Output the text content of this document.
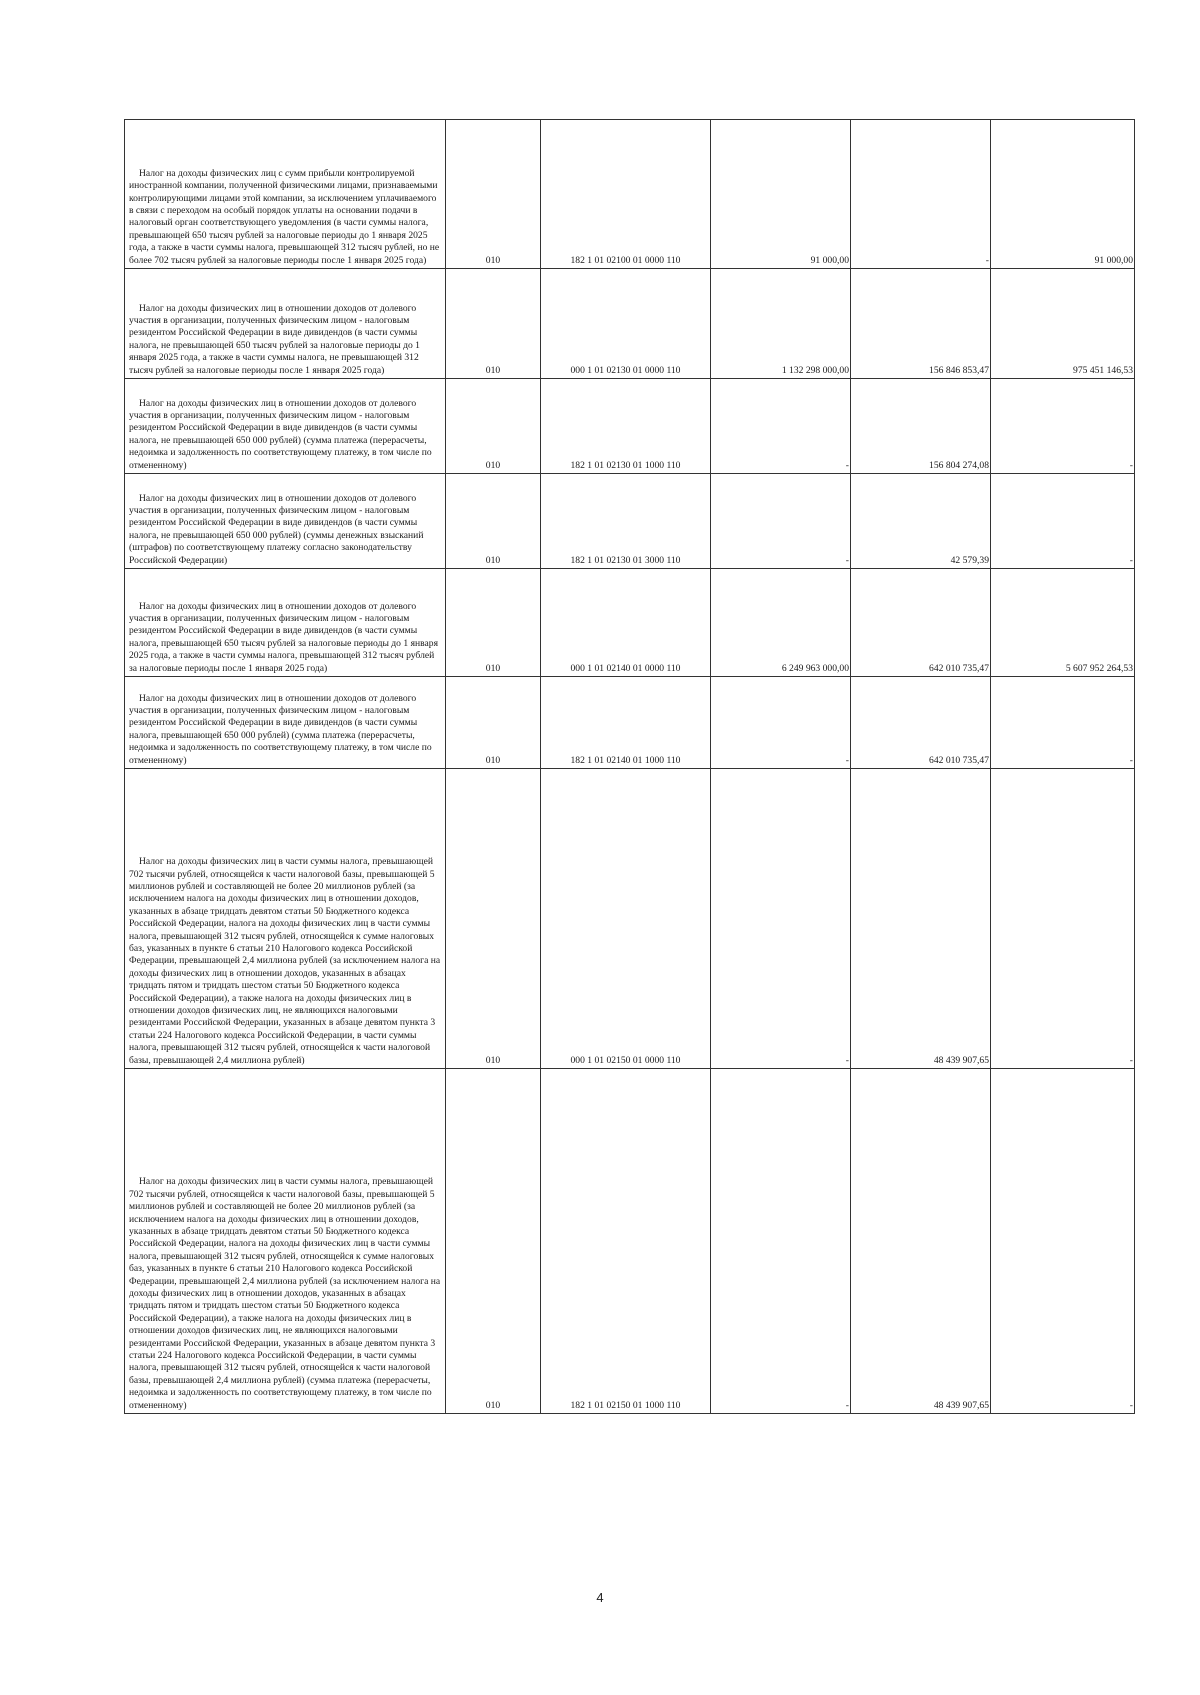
Налог на доходы физических лиц с сумм прибыли контролируемой иностранной компании, полученной физическими лицами, признаваемыми контролирующими лицами этой компании, за исключением уплачиваемого в связи с переходом на особый порядок уплаты на основании подачи в налоговый орган соответствующего уведомления (в части суммы налога, превышающей 650 тысяч рублей за налоговые периоды до 1 января 2025 года, а также в части суммы налога, превышающей 312 тысяч рублей, но не более 702 тысяч рублей за налоговые периоды после 1 января 2025 года)	010	182 1 01 02100 01 0000 110	91 000,00	-	91 000,00
Налог на доходы физических лиц в отношении доходов от долевого участия в организации, полученных физическим лицом - налоговым резидентом Российской Федерации в виде дивидендов (в части суммы налога, не превышающей 650 тысяч рублей за налоговые периоды до 1 января 2025 года, а также в части суммы налога, не превышающей 312 тысяч рублей за налоговые периоды после 1 января 2025 года)	010	000 1 01 02130 01 0000 110	1 132 298 000,00	156 846 853,47	975 451 146,53
Налог на доходы физических лиц в отношении доходов от долевого участия в организации, полученных физическим лицом - налоговым резидентом Российской Федерации в виде дивидендов (в части суммы налога, не превышающей 650 000 рублей) (сумма платежа (перерасчеты, недоимка и задолженность по соответствующему платежу, в том числе по отмененному)	010	182 1 01 02130 01 1000 110	-	156 804 274,08	-
Налог на доходы физических лиц в отношении доходов от долевого участия в организации, полученных физическим лицом - налоговым резидентом Российской Федерации в виде дивидендов (в части суммы налога, не превышающей 650 000 рублей) (суммы денежных взысканий (штрафов) по соответствующему платежу согласно законодательству Российской Федерации)	010	182 1 01 02130 01 3000 110	-	42 579,39	-
Налог на доходы физических лиц в отношении доходов от долевого участия в организации, полученных физическим лицом - налоговым резидентом Российской Федерации в виде дивидендов (в части суммы налога, превышающей 650 тысяч рублей за налоговые периоды до 1 января 2025 года, а также в части суммы налога, превышающей 312 тысяч рублей за налоговые периоды после 1 января 2025 года)	010	000 1 01 02140 01 0000 110	6 249 963 000,00	642 010 735,47	5 607 952 264,53
Налог на доходы физических лиц в отношении доходов от долевого участия в организации, полученных физическим лицом - налоговым резидентом Российской Федерации в виде дивидендов (в части суммы налога, превышающей 650 000 рублей) (сумма платежа (перерасчеты, недоимка и задолженность по соответствующему платежу, в том числе по отмененному)	010	182 1 01 02140 01 1000 110	-	642 010 735,47	-
Налог на доходы физических лиц в части суммы налога, превышающей 702 тысячи рублей, относящейся к части налоговой базы, превышающей 5 миллионов рублей и составляющей не более 20 миллионов рублей (за исключением налога на доходы физических лиц в отношении доходов, указанных в абзаце тридцать девятом статьи 50 Бюджетного кодекса Российской Федерации, налога на доходы физических лиц в части суммы налога, превышающей 312 тысяч рублей, относящейся к сумме налоговых баз, указанных в пункте 6 статьи 210 Налогового кодекса Российской Федерации, превышающей 2,4 миллиона рублей (за исключением налога на доходы физических лиц в отношении доходов, указанных в абзацах тридцать пятом и тридцать шестом статьи 50 Бюджетного кодекса Российской Федерации), а также налога на доходы физических лиц в отношении доходов физических лиц, не являющихся налоговыми резидентами Российской Федерации, указанных в абзаце девятом пункта 3 статьи 224 Налогового кодекса Российской Федерации, в части суммы налога, превышающей 312 тысяч рублей, относящейся к части налоговой базы, превышающей 2,4 миллиона рублей)	010	000 1 01 02150 01 0000 110	-	48 439 907,65	-
Налог на доходы физических лиц в части суммы налога, превышающей 702 тысячи рублей, относящейся к части налоговой базы, превышающей 5 миллионов рублей и составляющей не более 20 миллионов рублей (за исключением налога на доходы физических лиц в отношении доходов, указанных в абзаце тридцать девятом статьи 50 Бюджетного кодекса Российской Федерации, налога на доходы физических лиц в части суммы налога, превышающей 312 тысяч рублей, относящейся к сумме налоговых баз, указанных в пункте 6 статьи 210 Налогового кодекса Российской Федерации, превышающей 2,4 миллиона рублей (за исключением налога на доходы физических лиц в отношении доходов, указанных в абзацах тридцать пятом и тридцать шестом статьи 50 Бюджетного кодекса Российской Федерации), а также налога на доходы физических лиц в отношении доходов физических лиц, не являющихся налоговыми резидентами Российской Федерации, указанных в абзаце девятом пункта 3 статьи 224 Налогового кодекса Российской Федерации, в части суммы налога, превышающей 312 тысяч рублей, относящейся к части налоговой базы, превышающей 2,4 миллиона рублей) (сумма платежа (перерасчеты, недоимка и задолженность по соответствующему платежу, в том числе по отмененному)	010	182 1 01 02150 01 1000 110	-	48 439 907,65	-
4
